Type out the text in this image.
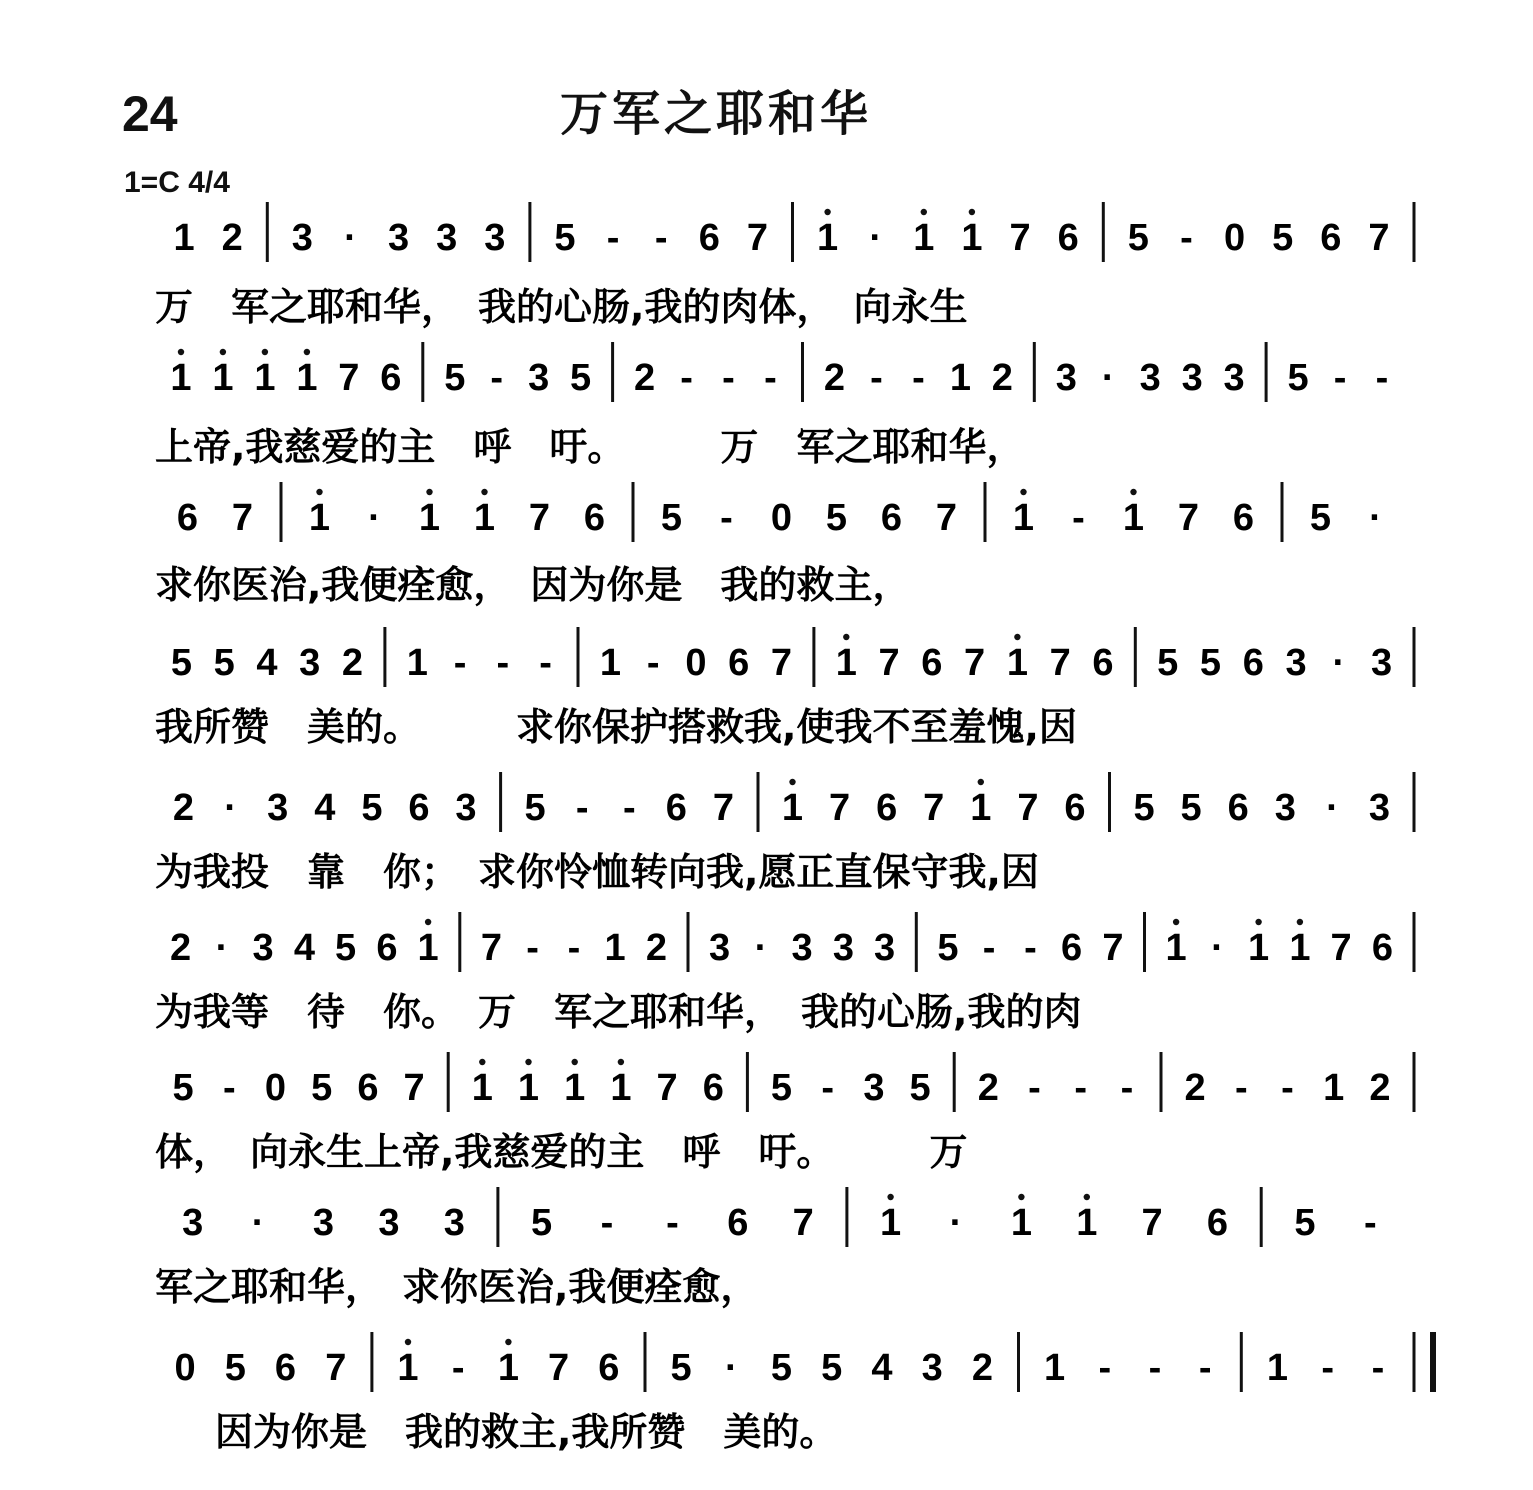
24	万军之耶和华
1=C 4/4
1 2 3 · 3 3 3 5 - - 6 7 1 · 1 1 7 6 5 - 0 5 6 7
万　军之耶和华，　我的心肠,我的肉体，　向永生
1 1 1 1 7 6 5 - 3 5 2 - - - 2 - - 1 2 3 · 3 3 3 5 - -
上帝,我慈爱的主　呼　吁。　　　万　军之耶和华，
6 7 1 · 1 1 7 6 5 - 0 5 6 7 1 - 1 7 6 5 ·
求你医治,我便痊愈，　因为你是　我的救主，
5 5 4 3 2 1 - - - 1 - 0 6 7 1 7 6 7 1 7 6 5 5 6 3 · 3
我所赞　美的。　　　求你保护搭救我,使我不至羞愧,因
2 · 3 4 5 6 3 5 - - 6 7 1 7 6 7 1 7 6 5 5 6 3 · 3
为我投　靠　你；　求你怜恤转向我,愿正直保守我,因
2 · 3 4 5 6 1 7 - - 1 2 3 · 3 3 3 5 - - 6 7 1 · 1 1 7 6
为我等　待　你。　万　军之耶和华，　我的心肠,我的肉
5 - 0 5 6 7 1 1 1 1 7 6 5 - 3 5 2 - - - 2 - - 1 2
体，　向永生上帝,我慈爱的主　呼　吁。　　　万
3 · 3 3 3 5 - - 6 7 1 · 1 1 7 6 5 -
军之耶和华，　求你医治,我便痊愈，
0 5 6 7 1 - 1 7 6 5 · 5 5 4 3 2 1 - - - 1 - -
因为你是　我的救主,我所赞　美的。
